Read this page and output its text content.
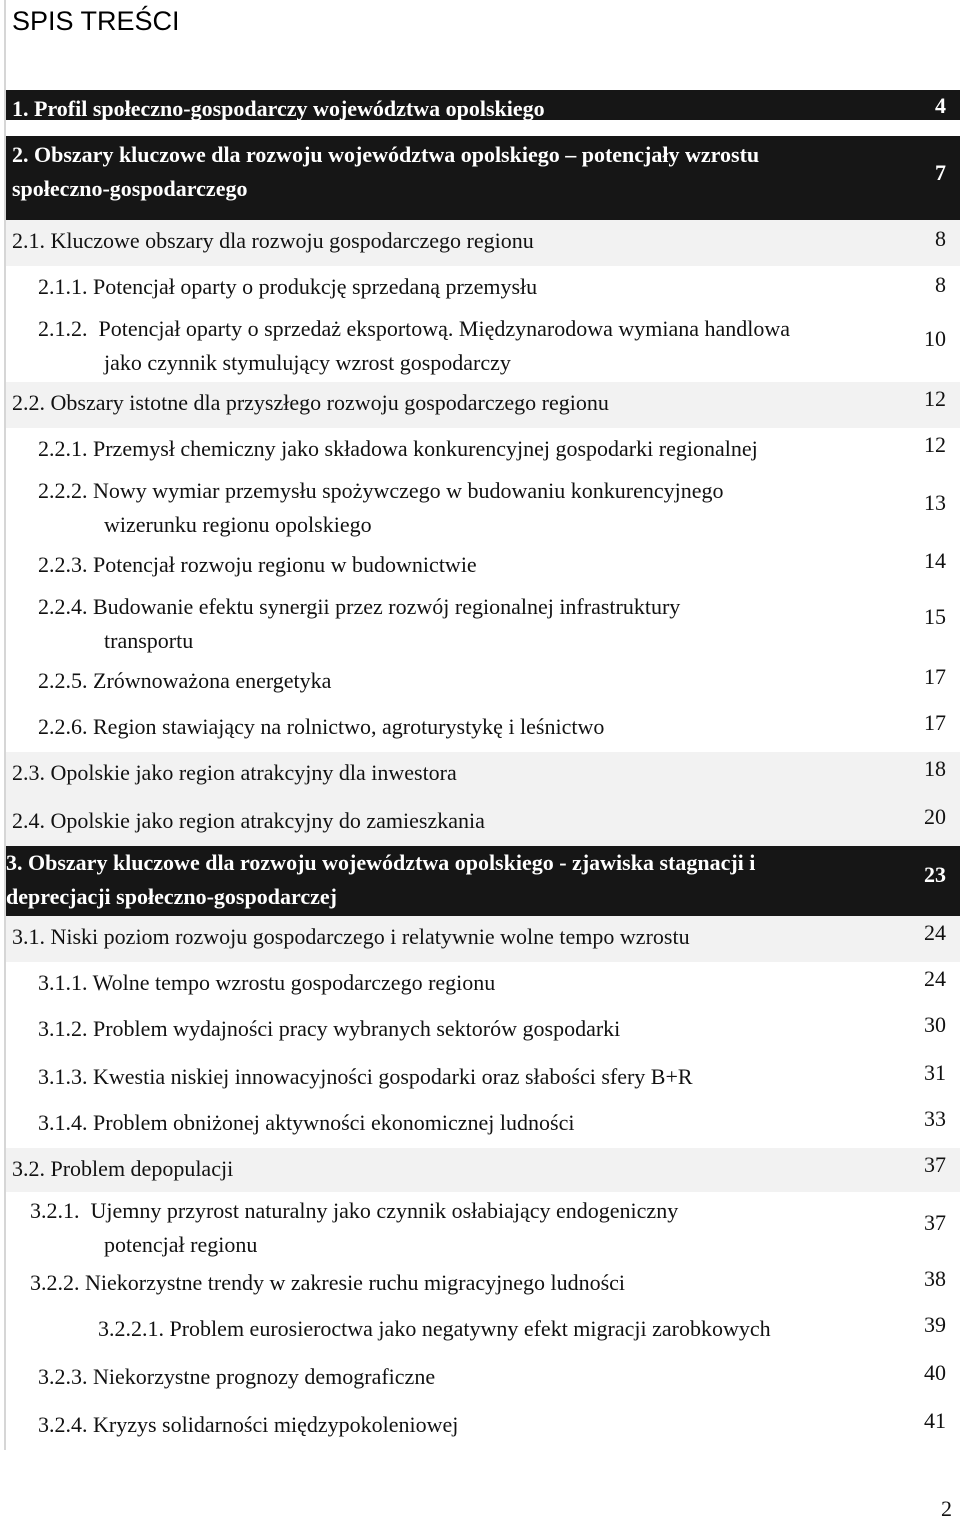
SPIS TREŚCI
1. Profil społeczno-gospodarczy województwa opolskiego	4
2. Obszary kluczowe dla rozwoju województwa opolskiego – potencjały wzrostu
społeczno-gospodarczego
7
2.1. Kluczowe obszary dla rozwoju gospodarczego regionu	8
2.1.1. Potencjał oparty o produkcję sprzedaną przemysłu	8
2.1.2.  Potencjał oparty o sprzedaż eksportową. Międzynarodowa wymiana handlowa
jako czynnik stymulujący wzrost gospodarczy
10
2.2. Obszary istotne dla przyszłego rozwoju gospodarczego regionu	12
2.2.1. Przemysł chemiczny jako składowa konkurencyjnej gospodarki regionalnej	12
2.2.2. Nowy wymiar przemysłu spożywczego w budowaniu konkurencyjnego
wizerunku regionu opolskiego
13
2.2.3. Potencjał rozwoju regionu w budownictwie	14
2.2.4. Budowanie efektu synergii przez rozwój regionalnej infrastruktury
transportu
15
2.2.5. Zrównoważona energetyka	17
2.2.6. Region stawiający na rolnictwo, agroturystykę i leśnictwo	17
2.3. Opolskie jako region atrakcyjny dla inwestora	18
2.4. Opolskie jako region atrakcyjny do zamieszkania	20
3. Obszary kluczowe dla rozwoju województwa opolskiego - zjawiska stagnacji i
deprecjacji społeczno-gospodarczej
23
3.1. Niski poziom rozwoju gospodarczego i relatywnie wolne tempo wzrostu	24
3.1.1. Wolne tempo wzrostu gospodarczego regionu	24
3.1.2. Problem wydajności pracy wybranych sektorów gospodarki	30
3.1.3. Kwestia niskiej innowacyjności gospodarki oraz słabości sfery B+R	31
3.1.4. Problem obniżonej aktywności ekonomicznej ludności	33
3.2. Problem depopulacji	37
3.2.1.  Ujemny przyrost naturalny jako czynnik osłabiający endogeniczny
potencjał regionu
37
3.2.2. Niekorzystne trendy w zakresie ruchu migracyjnego ludności	38
3.2.2.1. Problem eurosieroctwa jako negatywny efekt migracji zarobkowych	39
3.2.3. Niekorzystne prognozy demograficzne	40
3.2.4. Kryzys solidarności międzypokoleniowej	41
2
